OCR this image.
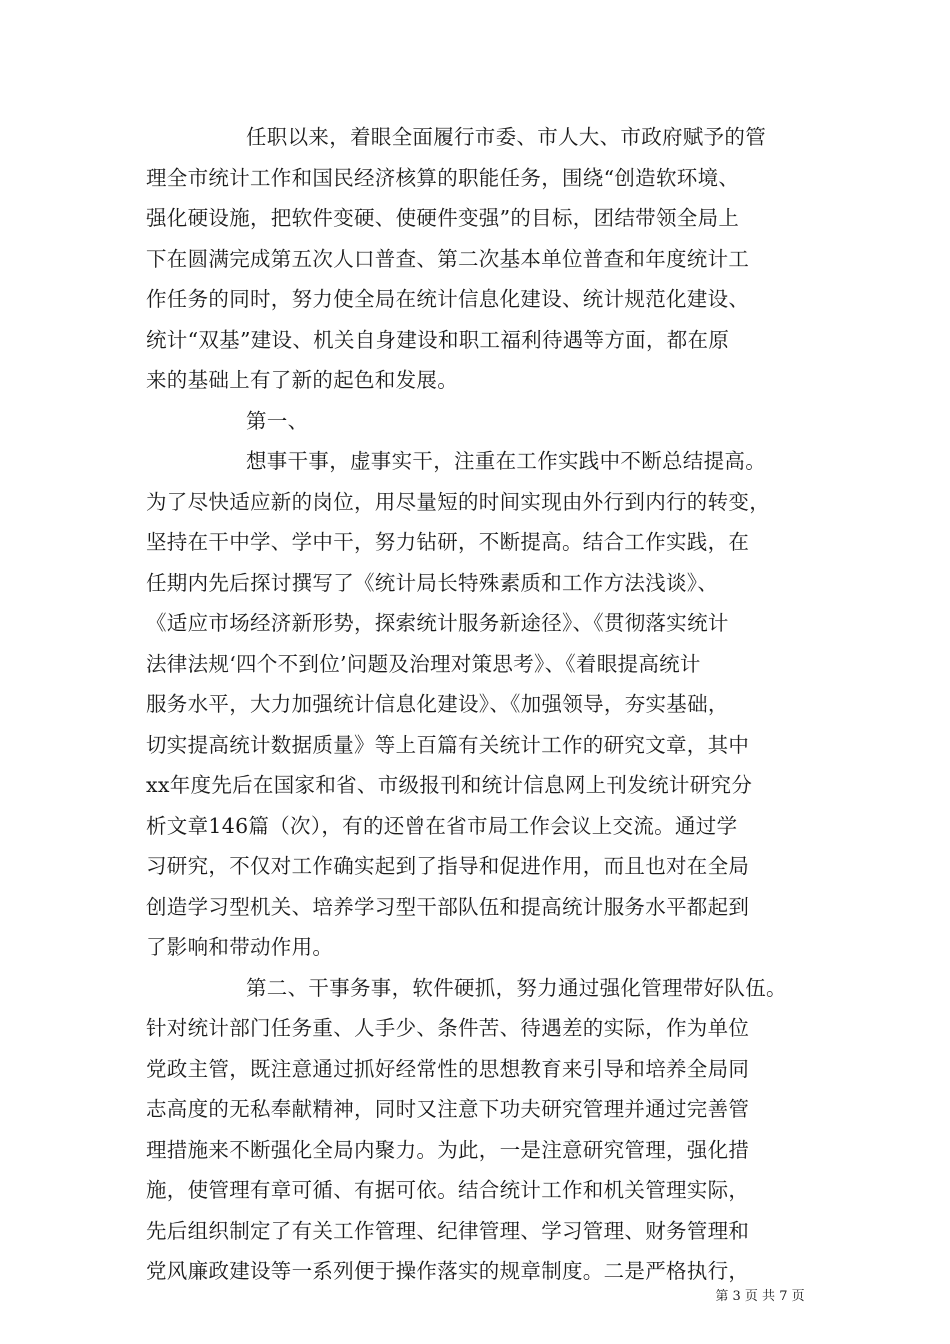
任职以来，着眼全面履行市委、市人大、市政府赋予的管
理全市统计工作和国民经济核算的职能任务，围绕“创造软环境、
强化硬设施，把软件变硬、使硬件变强”的目标，团结带领全局上
下在圆满完成第五次人口普查、第二次基本单位普查和年度统计工
作任务的同时，努力使全局在统计信息化建设、统计规范化建设、
统计“双基”建设、机关自身建设和职工福利待遇等方面，都在原
来的基础上有了新的起色和发展。
第一、
想事干事，虚事实干，注重在工作实践中不断总结提高。
为了尽快适应新的岗位，用尽量短的时间实现由外行到内行的转变，
坚持在干中学、学中干，努力钻研，不断提高。结合工作实践，在
任期内先后探讨撰写了《统计局长特殊素质和工作方法浅谈》、
《适应市场经济新形势，探索统计服务新途径》、《贯彻落实统计
法律法规‘四个不到位’问题及治理对策思考》、《着眼提高统计
服务水平，大力加强统计信息化建设》、《加强领导，夯实基础，
切实提高统计数据质量》等上百篇有关统计工作的研究文章，其中
xx年度先后在国家和省、市级报刊和统计信息网上刊发统计研究分
析文章146篇（次），有的还曾在省市局工作会议上交流。通过学
习研究，不仅对工作确实起到了指导和促进作用，而且也对在全局
创造学习型机关、培养学习型干部队伍和提高统计服务水平都起到
了影响和带动作用。
第二、干事务事，软件硬抓，努力通过强化管理带好队伍。
针对统计部门任务重、人手少、条件苦、待遇差的实际，作为单位
党政主管，既注意通过抓好经常性的思想教育来引导和培养全局同
志高度的无私奉献精神，同时又注意下功夫研究管理并通过完善管
理措施来不断强化全局内聚力。为此，一是注意研究管理，强化措
施，使管理有章可循、有据可依。结合统计工作和机关管理实际，
先后组织制定了有关工作管理、纪律管理、学习管理、财务管理和
党风廉政建设等一系列便于操作落实的规章制度。二是严格执行，
第 3 页 共 7 页
